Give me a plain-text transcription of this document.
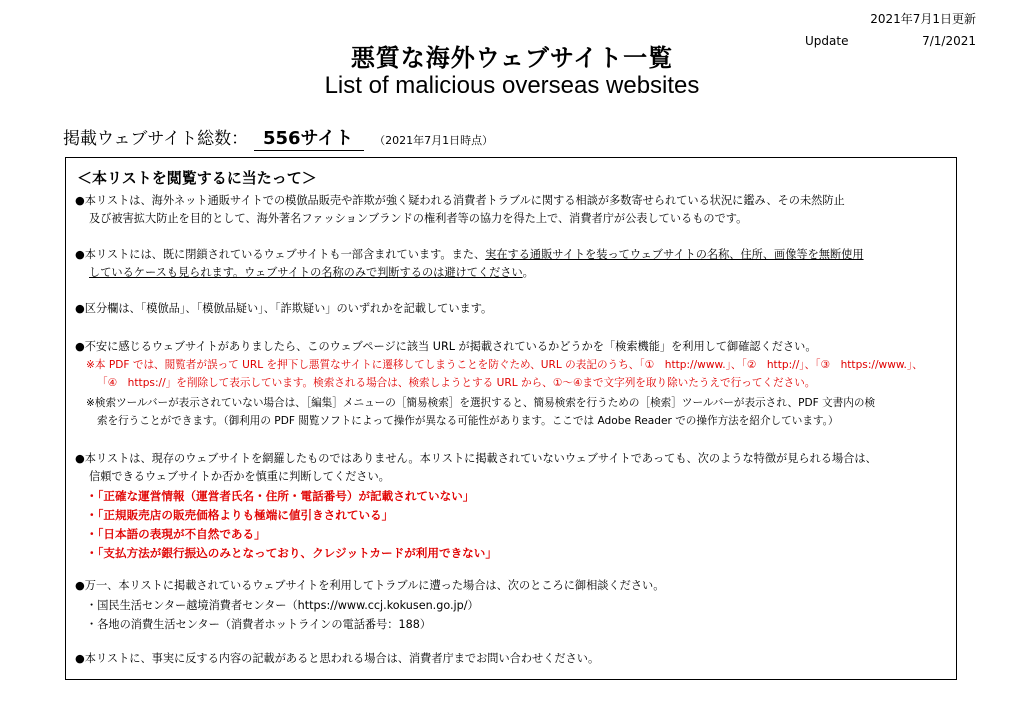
2021年7月1日更新
Update	7/1/2021
悪質な海外ウェブサイト一覧
List of malicious overseas websites
掲載ウェブサイト総数： 556サイト （2021年7月1日時点）
＜本リストを閲覧するに当たって＞
●本リストは、海外ネット通販サイトでの模倣品販売や詐欺が強く疑われる消費者トラブルに関する相談が多数寄せられている状況に鑑み、その未然防止
及び被害拡大防止を目的として、海外著名ファッションブランドの権利者等の協力を得た上で、消費者庁が公表しているものです。
●本リストには、既に閉鎖されているウェブサイトも一部含まれています。また、実在する通販サイトを装ってウェブサイトの名称、住所、画像等を無断使用
しているケースも見られます。ウェブサイトの名称のみで判断するのは避けてください。
●区分欄は、「模倣品」、「模倣品疑い」、「詐欺疑い」のいずれかを記載しています。
●不安に感じるウェブサイトがありましたら、このウェブページに該当 URL が掲載されているかどうかを「検索機能」を利用して御確認ください。
※本 PDF では、閲覧者が誤って URL を押下し悪質なサイトに遷移してしまうことを防ぐため、URL の表記のうち、「①　http://www.」、「②　http://」、「③　https://www.」、
「④　https://」を削除して表示しています。検索される場合は、検索しようとする URL から、①～④まで文字列を取り除いたうえで行ってください。
※検索ツールバーが表示されていない場合は、［編集］メニューの［簡易検索］を選択すると、簡易検索を行うための［検索］ツールバーが表示され、PDF 文書内の検
索を行うことができます。（御利用の PDF 閲覧ソフトによって操作が異なる可能性があります。ここでは Adobe Reader での操作方法を紹介しています。）
●本リストは、現存のウェブサイトを網羅したものではありません。本リストに掲載されていないウェブサイトであっても、次のような特徴が見られる場合は、
信頼できるウェブサイトか否かを慎重に判断してください。
・「正確な運営情報（運営者氏名・住所・電話番号）が記載されていない」
・「正規販売店の販売価格よりも極端に値引きされている」
・「日本語の表現が不自然である」
・「支払方法が銀行振込のみとなっており、クレジットカードが利用できない」
●万一、本リストに掲載されているウェブサイトを利用してトラブルに遭った場合は、次のところに御相談ください。
・国民生活センター越境消費者センター（https://www.ccj.kokusen.go.jp/）
・各地の消費生活センター（消費者ホットラインの電話番号：188）
●本リストに、事実に反する内容の記載があると思われる場合は、消費者庁までお問い合わせください。
